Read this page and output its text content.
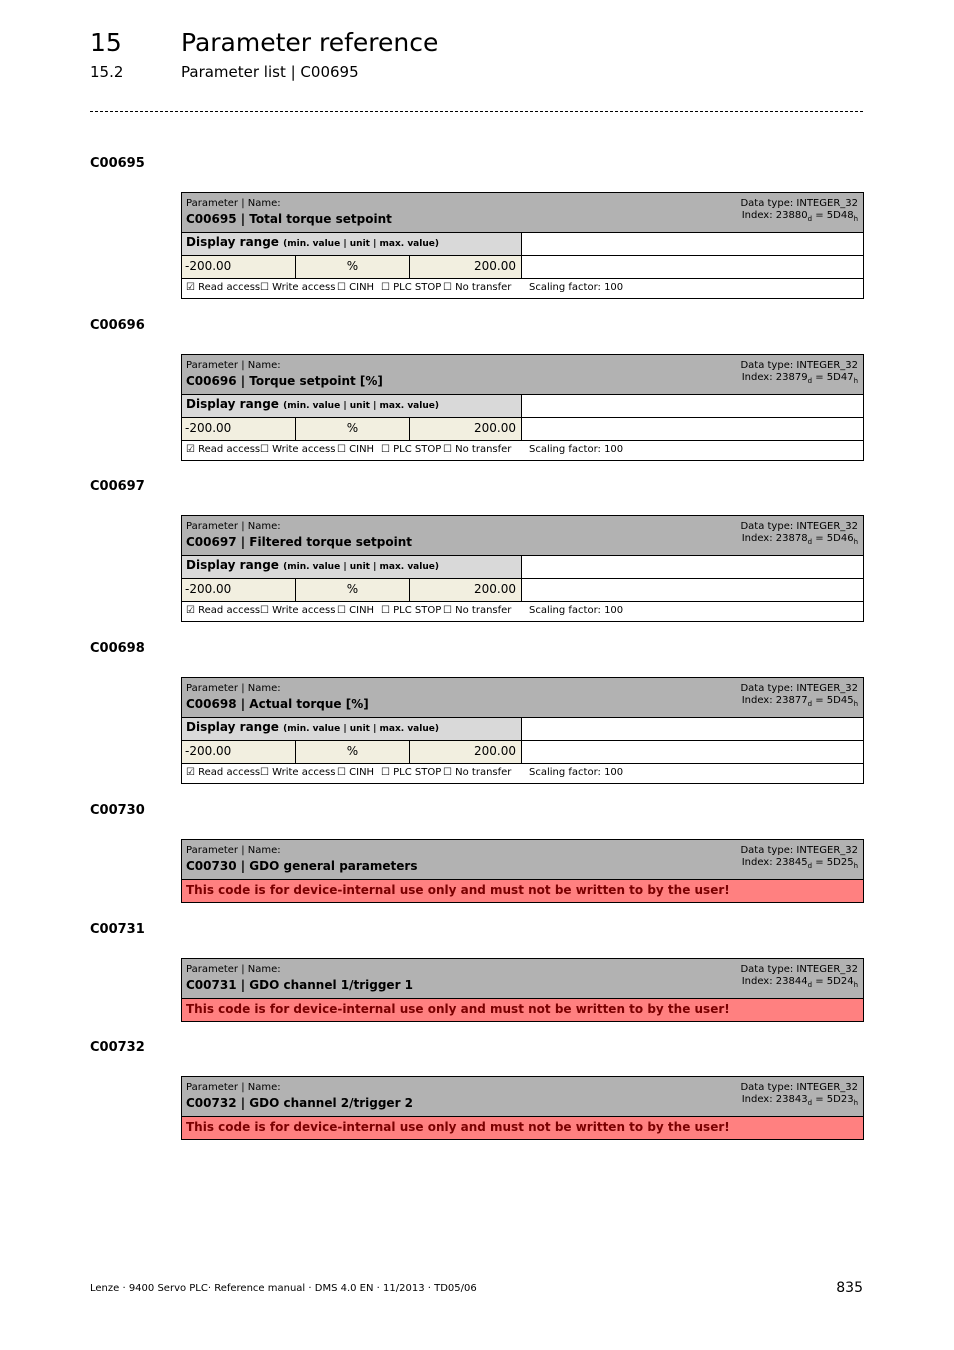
15 Parameter reference
15.2	Parameter list | C00695
C00695
Parameter | Name:
C00695 | Total torque setpoint
Data type: INTEGER_32
Index: $23880_d = 5D48_h$
Display range (min. value | unit | max. value)
-200.00	%	200.00
☑ Read access ☐ Write access ☐ CINH ☐ PLC STOP ☐ No transfer Scaling factor: 100
C00696
Parameter | Name:
C00696 | Torque setpoint [%]
Data type: INTEGER_32
Index: $23879_d = 5D47_h$
Display range (min. value | unit | max. value)
-200.00	%	200.00
☑ Read access ☐ Write access ☐ CINH ☐ PLC STOP ☐ No transfer Scaling factor: 100
C00697
Parameter | Name:
C00697 | Filtered torque setpoint
Data type: INTEGER_32
Index: $23878_d = 5D46_h$
Display range (min. value | unit | max. value)
-200.00	%	200.00
☑ Read access ☐ Write access ☐ CINH ☐ PLC STOP ☐ No transfer Scaling factor: 100
C00698
Parameter | Name:
C00698 | Actual torque [%]
Data type: INTEGER_32
Index: $23877_d = 5D45_h$
Display range (min. value | unit | max. value)
-200.00	%	200.00
☑ Read access ☐ Write access ☐ CINH ☐ PLC STOP ☐ No transfer Scaling factor: 100
C00730
Parameter | Name:
C00730 | GDO general parameters
Data type: INTEGER_32
Index: $23845_d = 5D25_h$
This code is for device-internal use only and must not be written to by the user!
C00731
Parameter | Name:
C00731 | GDO channel 1/trigger 1
Data type: INTEGER_32
Index: $23844_d = 5D24_h$
This code is for device-internal use only and must not be written to by the user!
C00732
Parameter | Name:
C00732 | GDO channel 2/trigger 2
Data type: INTEGER_32
Index: $23843_d = 5D23_h$
This code is for device-internal use only and must not be written to by the user!
Lenze · 9400 Servo PLC· Reference manual · DMS 4.0 EN · 11/2013 · TD05/06	835
